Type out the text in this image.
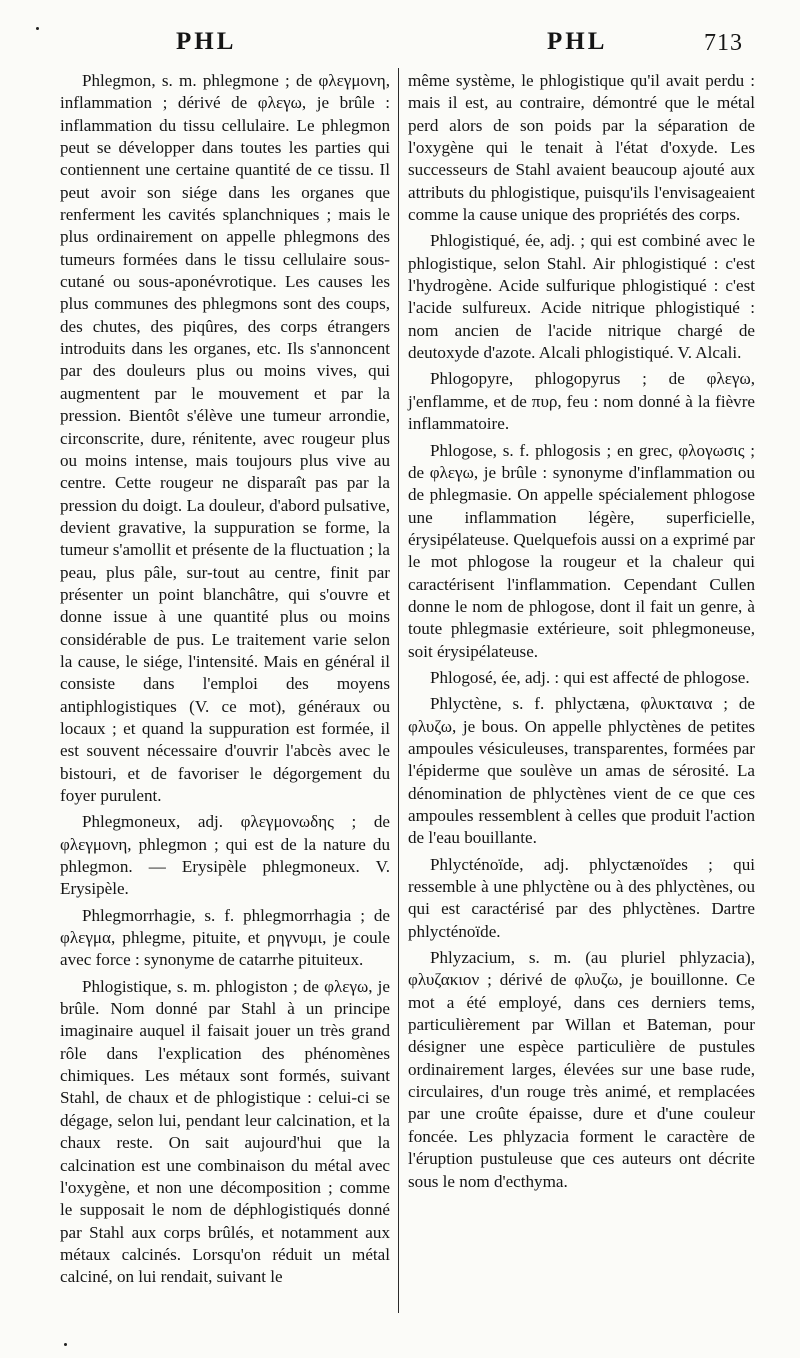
PHL	PHL	713

Phlegmon, s. m. phlegmone ; de φλεγμονη, inflammation ; dérivé de φλεγω, je brûle : inflammation du tissu cellulaire. Le phlegmon peut se développer dans toutes les parties qui contiennent une certaine quantité de ce tissu. Il peut avoir son siége dans les organes que renferment les cavités splanchniques ; mais le plus ordinairement on appelle phlegmons des tumeurs formées dans le tissu cellulaire sous-cutané ou sous-aponévrotique. Les causes les plus communes des phlegmons sont des coups, des chutes, des piqûres, des corps étrangers introduits dans les organes, etc. Ils s'annoncent par des douleurs plus ou moins vives, qui augmentent par le mouvement et par la pression. Bientôt s'élève une tumeur arrondie, circonscrite, dure, rénitente, avec rougeur plus ou moins intense, mais toujours plus vive au centre. Cette rougeur ne disparaît pas par la pression du doigt. La douleur, d'abord pulsative, devient gravative, la suppuration se forme, la tumeur s'amollit et présente de la fluctuation ; la peau, plus pâle, sur-tout au centre, finit par présenter un point blanchâtre, qui s'ouvre et donne issue à une quantité plus ou moins considérable de pus. Le traitement varie selon la cause, le siége, l'intensité. Mais en général il consiste dans l'emploi des moyens antiphlogistiques (V. ce mot), généraux ou locaux ; et quand la suppuration est formée, il est souvent nécessaire d'ouvrir l'abcès avec le bistouri, et de favoriser le dégorgement du foyer purulent.

Phlegmoneux, adj. φλεγμονωδης ; de φλεγμονη, phlegmon ; qui est de la nature du phlegmon. — Erysipèle phlegmoneux. V. Erysipèle.

Phlegmorrhagie, s. f. phlegmorrhagia ; de φλεγμα, phlegme, pituite, et ρηγνυμι, je coule avec force : synonyme de catarrhe pituiteux.

Phlogistique, s. m. phlogiston ; de φλεγω, je brûle. Nom donné par Stahl à un principe imaginaire auquel il faisait jouer un très grand rôle dans l'explication des phénomènes chimiques. Les métaux sont formés, suivant Stahl, de chaux et de phlogistique : celui-ci se dégage, selon lui, pendant leur calcination, et la chaux reste. On sait aujourd'hui que la calcination est une combinaison du métal avec l'oxygène, et non une décomposition ; comme le supposait le nom de déphlogistiqués donné par Stahl aux corps brûlés, et notamment aux métaux calcinés. Lorsqu'on réduit un métal calciné, on lui rendait, suivant le

même système, le phlogistique qu'il avait perdu : mais il est, au contraire, démontré que le métal perd alors de son poids par la séparation de l'oxygène qui le tenait à l'état d'oxyde. Les successeurs de Stahl avaient beaucoup ajouté aux attributs du phlogistique, puisqu'ils l'envisageaient comme la cause unique des propriétés des corps.

Phlogistiqué, ée, adj. ; qui est combiné avec le phlogistique, selon Stahl. Air phlogistiqué : c'est l'hydrogène. Acide sulfurique phlogistiqué : c'est l'acide sulfureux. Acide nitrique phlogistiqué : nom ancien de l'acide nitrique chargé de deutoxyde d'azote. Alcali phlogistiqué. V. Alcali.

Phlogopyre, phlogopyrus ; de φλεγω, j'enflamme, et de πυρ, feu : nom donné à la fièvre inflammatoire.

Phlogose, s. f. phlogosis ; en grec, φλογωσις ; de φλεγω, je brûle : synonyme d'inflammation ou de phlegmasie. On appelle spécialement phlogose une inflammation légère, superficielle, érysipélateuse. Quelquefois aussi on a exprimé par le mot phlogose la rougeur et la chaleur qui caractérisent l'inflammation. Cependant Cullen donne le nom de phlogose, dont il fait un genre, à toute phlegmasie extérieure, soit phlegmoneuse, soit érysipélateuse.

Phlogosé, ée, adj. : qui est affecté de phlogose.

Phlyctène, s. f. phlyctæna, φλυκταινα ; de φλυζω, je bous. On appelle phlyctènes de petites ampoules vésiculeuses, transparentes, formées par l'épiderme que soulève un amas de sérosité. La dénomination de phlyctènes vient de ce que ces ampoules ressemblent à celles que produit l'action de l'eau bouillante.

Phlycténoïde, adj. phlyctænoïdes ; qui ressemble à une phlyctène ou à des phlyctènes, ou qui est caractérisé par des phlyctènes. Dartre phlycténoïde.

Phlyzacium, s. m. (au pluriel phlyzacia), φλυζακιον ; dérivé de φλυζω, je bouillonne. Ce mot a été employé, dans ces derniers tems, particulièrement par Willan et Bateman, pour désigner une espèce particulière de pustules ordinairement larges, élevées sur une base rude, circulaires, d'un rouge très animé, et remplacées par une croûte épaisse, dure et d'une couleur foncée. Les phlyzacia forment le caractère de l'éruption pustuleuse que ces auteurs ont décrite sous le nom d'ecthyma.
